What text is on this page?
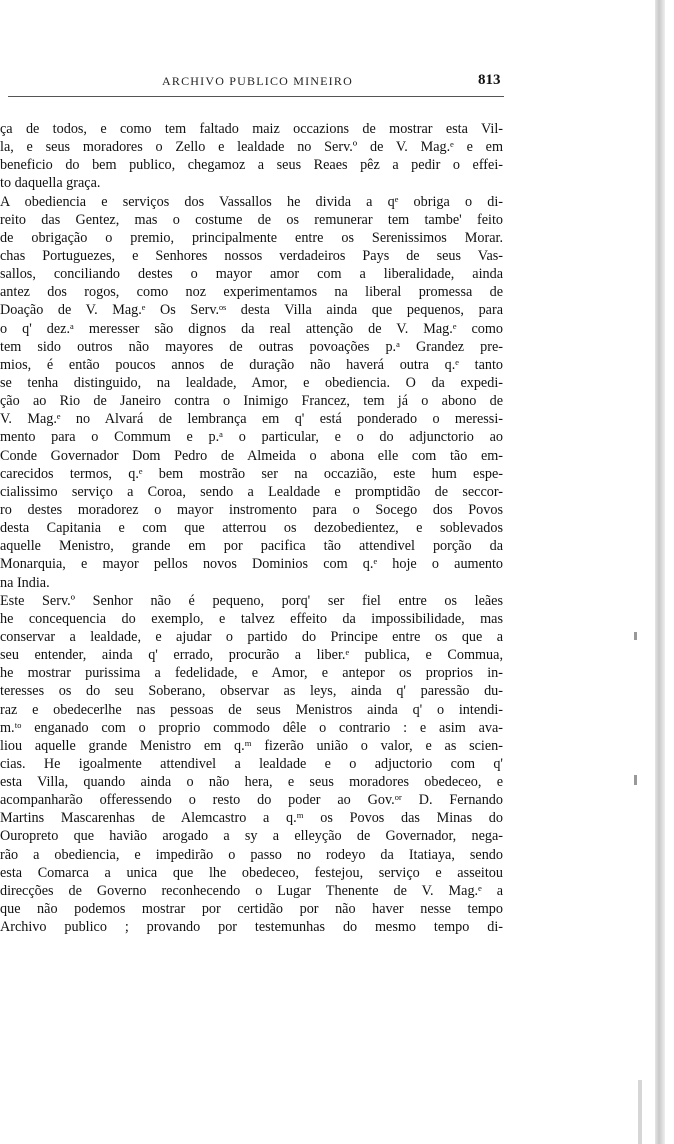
ARCHIVO PUBLICO MINEIRO	813
ça de todos, e como tem faltado maiz occazions de mostrar esta Vil-
la, e seus moradores o Zello e lealdade no Serv.º de V. Mag.ᵉ e em
beneficio do bem publico, chegamoz a seus Reaes pêz a pedir o effei-
to daquella graça.
A obediencia e serviços dos Vassallos he divida a qᵉ obriga o di-
reito das Gentez, mas o costume de os remunerar tem tambe' feito
de obrigação o premio, principalmente entre os Serenissimos Morar.
chas Portuguezes, e Senhores nossos verdadeiros Pays de seus Vas-
sallos, conciliando destes o mayor amor com a liberalidade, ainda
antez dos rogos, como noz experimentamos na liberal promessa de
Doação de V. Mag.ᵉ Os Serv.ᵒˢ desta Villa ainda que pequenos, para
o q' dez.ᵃ meresser são dignos da real attenção de V. Mag.ᵉ como
tem sido outros não mayores de outras povoações p.ᵃ Grandez pre-
mios, é então poucos annos de duração não haverá outra q.ᵉ tanto
se tenha distinguido, na lealdade, Amor, e obediencia. O da expedi-
ção ao Rio de Janeiro contra o Inimigo Francez, tem já o abono de
V. Mag.ᵉ no Alvará de lembrança em q' está ponderado o meressi-
mento para o Commum e p.ᵃ o particular, e o do adjunctorio ao
Conde Governador Dom Pedro de Almeida o abona elle com tão em-
carecidos termos, q.ᵉ bem mostrão ser na occazião, este hum espe-
cialissimo serviço a Coroa, sendo a Lealdade e promptidão de seccor-
ro destes moradorez o mayor instromento para o Socego dos Povos
desta Capitania e com que atterrou os dezobedientez, e soblevados
aquelle Menistro, grande em por pacifica tão attendivel porção da
Monarquia, e mayor pellos novos Dominios com q.ᵉ hoje o aumento
na India.
Este Serv.º Senhor não é pequeno, porq' ser fiel entre os leães
he concequencia do exemplo, e talvez effeito da impossibilidade, mas
conservar a lealdade, e ajudar o partido do Principe entre os que a
seu entender, ainda q' errado, procurão a liber.ᵉ publica, e Commua,
he mostrar purissima a fedelidade, e Amor, e antepor os proprios in-
teresses os do seu Soberano, observar as leys, ainda q' paressão du-
raz e obedecerlhe nas pessoas de seus Menistros ainda q' o intendi-
m.ᵗᵒ enganado com o proprio commodo dêle o contrario : e asim ava-
liou aquelle grande Menistro em q.ᵐ fizerão união o valor, e as scien-
cias. He igoalmente attendivel a lealdade e o adjuctorio com q'
esta Villa, quando ainda o não hera, e seus moradores obedeceo, e
acompanharão offeressendo o resto do poder ao Gov.ᵒʳ D. Fernando
Martins Mascarenhas de Alemcastro a q.ᵐ os Povos das Minas do
Ouropreto que havião arogado a sy a elleyção de Governador, nega-
rão a obediencia, e impedirão o passo no rodeyo da Itatiaya, sendo
esta Comarca a unica que lhe obedeceo, festejou, serviço e asseitou
direcções de Governo reconhecendo o Lugar Thenente de V. Mag.ᵉ a
que não podemos mostrar por certidão por não haver nesse tempo
Archivo publico ; provando por testemunhas do mesmo tempo di-
